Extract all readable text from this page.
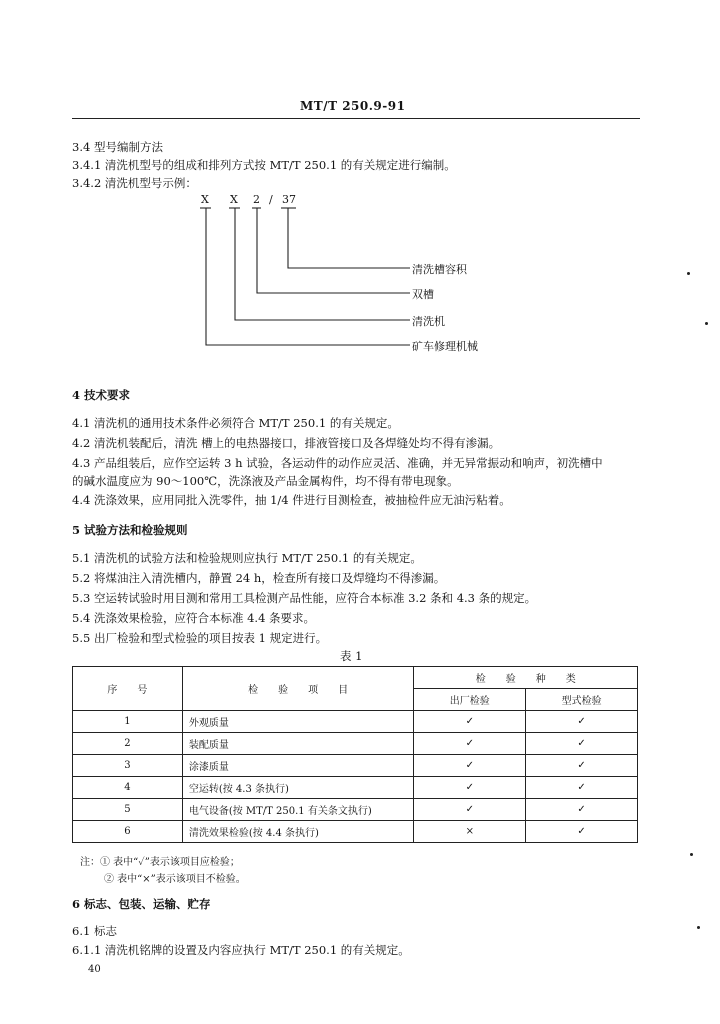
MT/T 250.9-91
3.4 型号编制方法
3.4.1 清洗机型号的组成和排列方式按 MT/T 250.1 的有关规定进行编制。
3.4.2 清洗机型号示例：
X X 2 / 37
清洗槽容积
双槽
清洗机
矿车修理机械
4 技术要求
4.1 清洗机的通用技术条件必须符合 MT/T 250.1 的有关规定。
4.2 清洗机装配后，清洗 槽上的电热器接口，排液管接口及各焊缝处均不得有渗漏。
4.3 产品组装后，应作空运转 3 h 试验，各运动件的动作应灵活、准确，并无异常振动和响声，初洗槽中
的碱水温度应为 90～100℃，洗涤液及产品金属构件，均不得有带电现象。
4.4 洗涤效果，应用同批入洗零件，抽 1/4 件进行目测检查，被抽检件应无油污粘着。
5 试验方法和检验规则
5.1 清洗机的试验方法和检验规则应执行 MT/T 250.1 的有关规定。
5.2 将煤油注入清洗槽内，静置 24 h，检查所有接口及焊缝均不得渗漏。
5.3 空运转试验时用目测和常用工具检测产品性能，应符合本标准 3.2 条和 4.3 条的规定。
5.4 洗涤效果检验，应符合本标准 4.4 条要求。
5.5 出厂检验和型式检验的项目按表 1 规定进行。
表 1
序　　号	检　　验　　项　　目	检　　验　　种　　类	
		出厂检验	型式检验
1	外观质量	✓	✓
2	装配质量	✓	✓
3	涂漆质量	✓	✓
4	空运转(按 4.3 条执行)	✓	✓
5	电气设备(按 MT/T 250.1 有关条文执行)	✓	✓
6	清洗效果检验(按 4.4 条执行)	×	✓
注：① 表中“✓”表示该项目应检验；
② 表中“×”表示该项目不检验。
6 标志、包装、运输、贮存
6.1 标志
6.1.1 清洗机铭牌的设置及内容应执行 MT/T 250.1 的有关规定。
40
